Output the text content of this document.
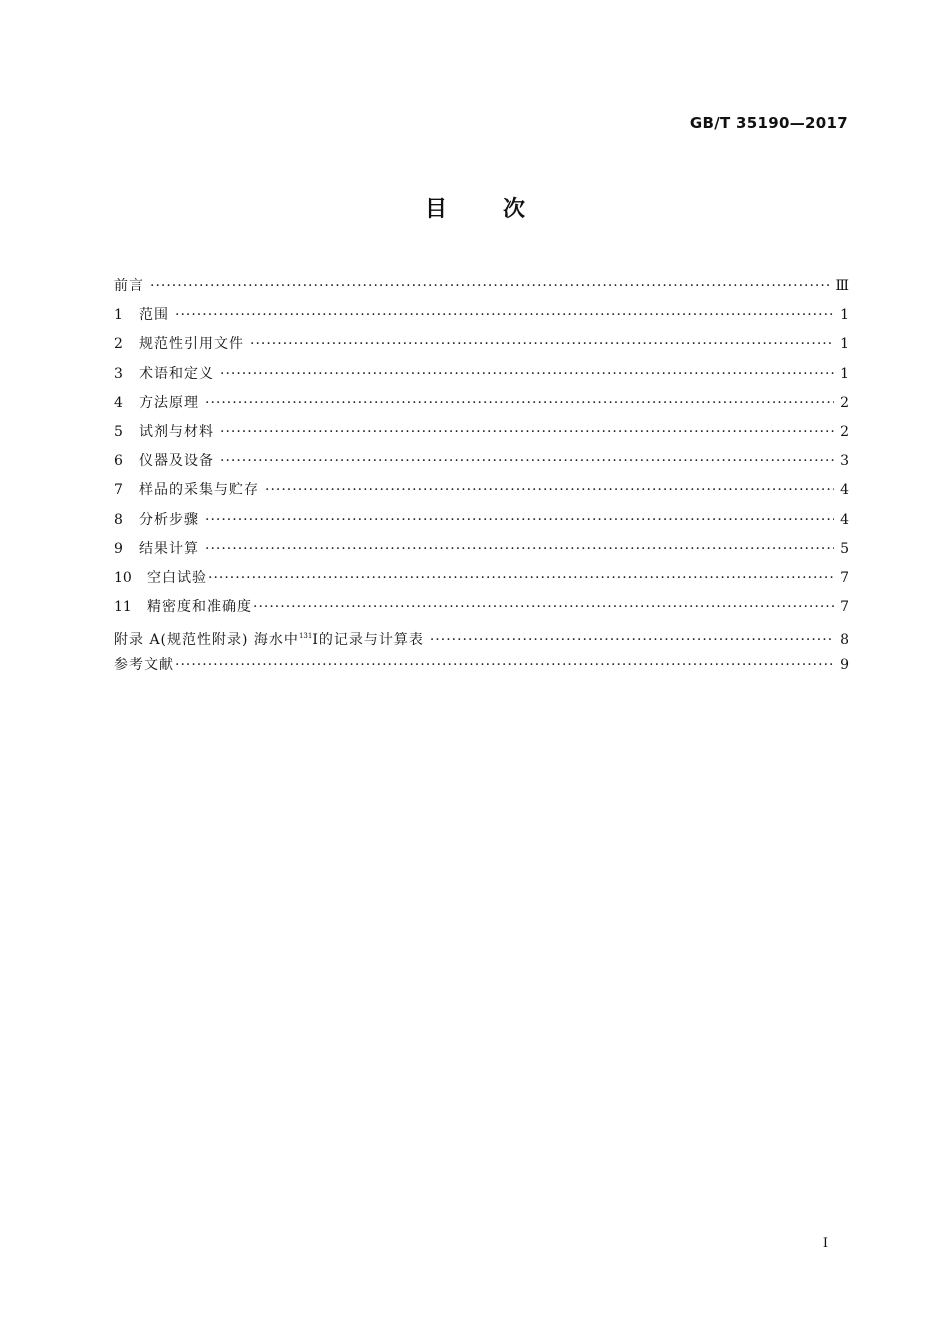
GB/T 35190—2017
目	次
前言 ·····	Ⅲ
1	范围 ·····	1
2	规范性引用文件 ·····	1
3	术语和定义 ·····	1
4	方法原理 ·····	2
5	试剂与材料 ·····	2
6	仪器及设备 ·····	3
7	样品的采集与贮存 ·····	4
8	分析步骤 ·····	4
9	结果计算 ·····	5
10	空白试验 ·····	7
11	精密度和准确度 ·····	7
附录 A(规范性附录) 海水中$^{131}$I的记录与计算表 ·····	8
参考文献 ·····	9
I
